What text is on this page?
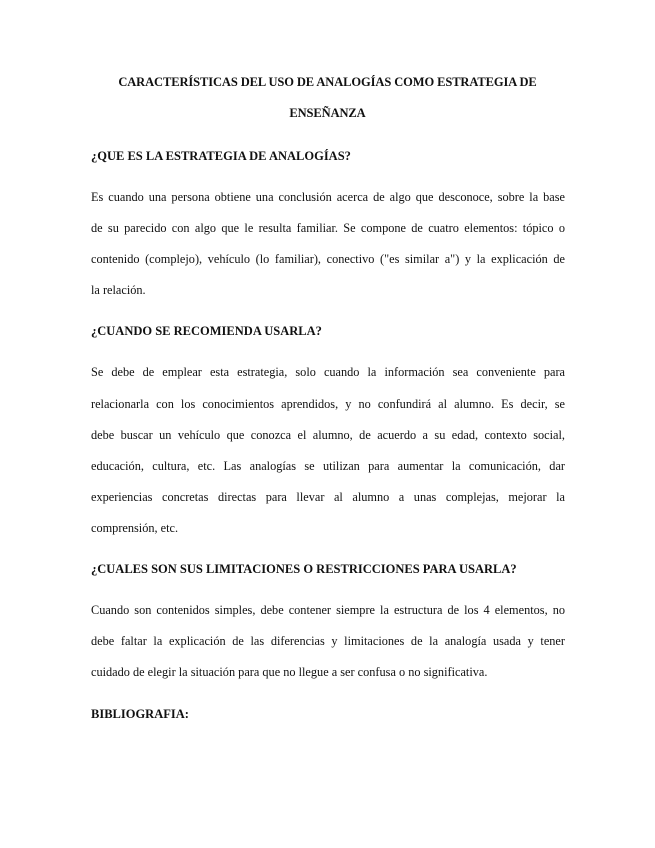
CARACTERÍSTICAS DEL USO DE ANALOGÍAS COMO ESTRATEGIA DE
ENSEÑANZA
¿QUE ES LA ESTRATEGIA DE ANALOGÍAS?
Es cuando una persona obtiene una conclusión acerca de algo que desconoce, sobre la base
de su parecido con algo que le resulta familiar. Se compone de cuatro elementos: tópico o
contenido (complejo), vehículo (lo familiar), conectivo ("es similar a") y la explicación de
la relación.
¿CUANDO SE RECOMIENDA USARLA?
Se debe de emplear esta estrategia, solo cuando la información sea conveniente para
relacionarla con los conocimientos aprendidos, y no confundirá al alumno. Es decir, se
debe buscar un vehículo que conozca el alumno, de acuerdo a su edad, contexto social,
educación, cultura, etc. Las analogías se utilizan para aumentar la comunicación, dar
experiencias concretas directas para llevar al alumno a unas complejas, mejorar la
comprensión, etc.
¿CUALES SON SUS LIMITACIONES O RESTRICCIONES PARA USARLA?
Cuando son contenidos simples, debe contener siempre la estructura de los 4 elementos, no
debe faltar la explicación de las diferencias y limitaciones de la analogía usada y tener
cuidado de elegir la situación para que no llegue a ser confusa o no significativa.
BIBLIOGRAFIA:
